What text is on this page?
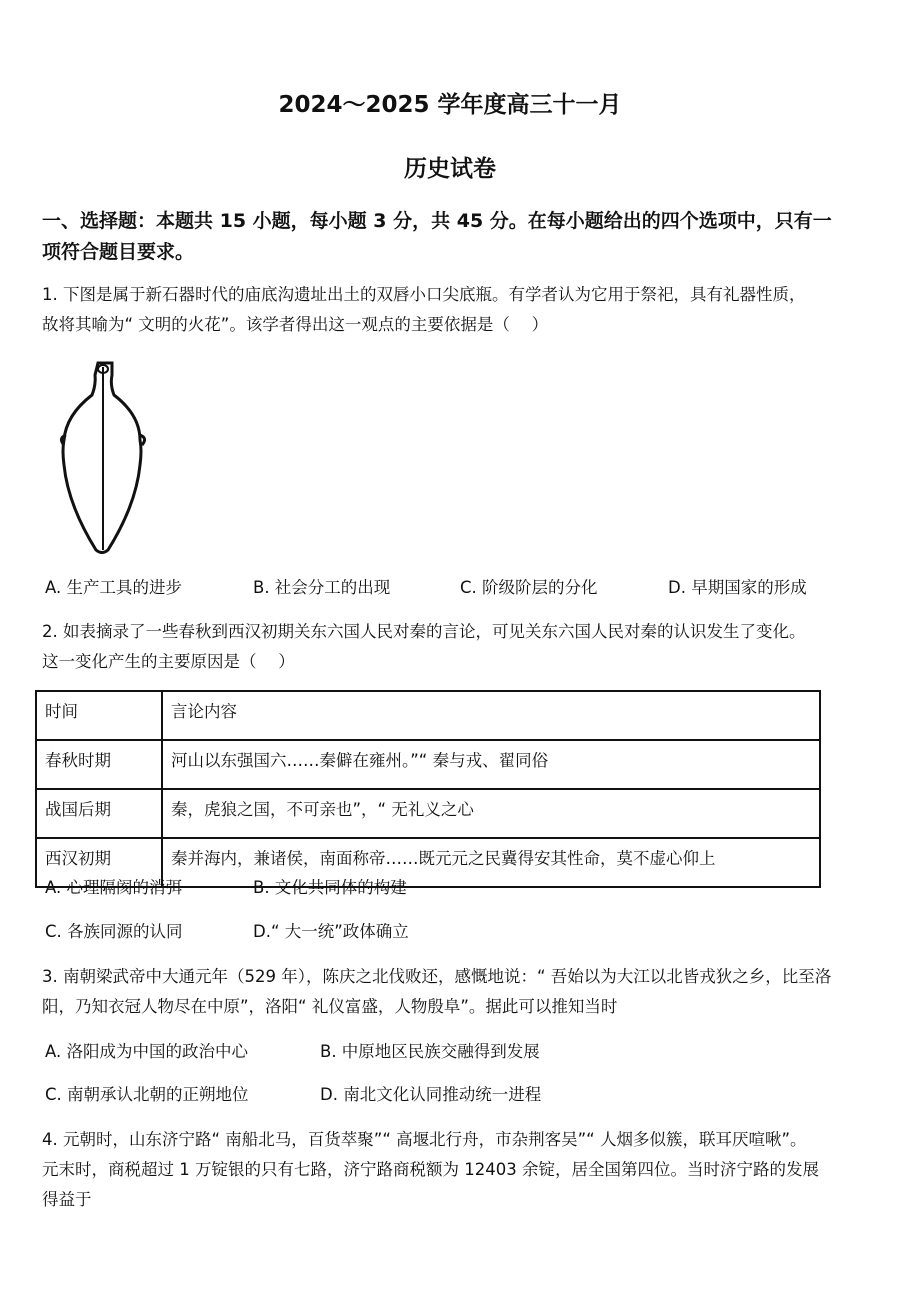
2024～2025 学年度高三十一月
历史试卷
一、选择题：本题共 15 小题，每小题 3 分，共 45 分。在每小题给出的四个选项中，只有一
项符合题目要求。
1. 下图是属于新石器时代的庙底沟遗址出土的双唇小口尖底瓶。有学者认为它用于祭祀，具有礼器性质，
故将其喻为“ 文明的火花”。该学者得出这一观点的主要依据是（　 ）
A. 生产工具的进步	B. 社会分工的出现	C. 阶级阶层的分化	D. 早期国家的形成
2. 如表摘录了一些春秋到西汉初期关东六国人民对秦的言论，可见关东六国人民对秦的认识发生了变化。
这一变化产生的主要原因是（　 ）
时间	言论内容
春秋时期	河山以东强国六……秦僻在雍州。”“ 秦与戎、翟同俗
战国后期	秦，虎狼之国，不可亲也”，“ 无礼义之心
西汉初期	秦并海内，兼诸侯，南面称帝……既元元之民冀得安其性命，莫不虚心仰上
A. 心理隔阂的消弭	B. 文化共同体的构建
C. 各族同源的认同	D.“ 大一统”政体确立
3. 南朝梁武帝中大通元年（529 年），陈庆之北伐败还，感慨地说：“ 吾始以为大江以北皆戎狄之乡，比至洛
阳，乃知衣冠人物尽在中原”，洛阳“ 礼仪富盛，人物殷阜”。据此可以推知当时
A. 洛阳成为中国的政治中心	B. 中原地区民族交融得到发展
C. 南朝承认北朝的正朔地位	D. 南北文化认同推动统一进程
4. 元朝时，山东济宁路“ 南船北马，百货萃聚”“ 高堰北行舟，市杂荆客吴”“ 人烟多似簇，联耳厌喧啾”。
元末时，商税超过 1 万锭银的只有七路，济宁路商税额为 12403 余锭，居全国第四位。当时济宁路的发展
得益于
